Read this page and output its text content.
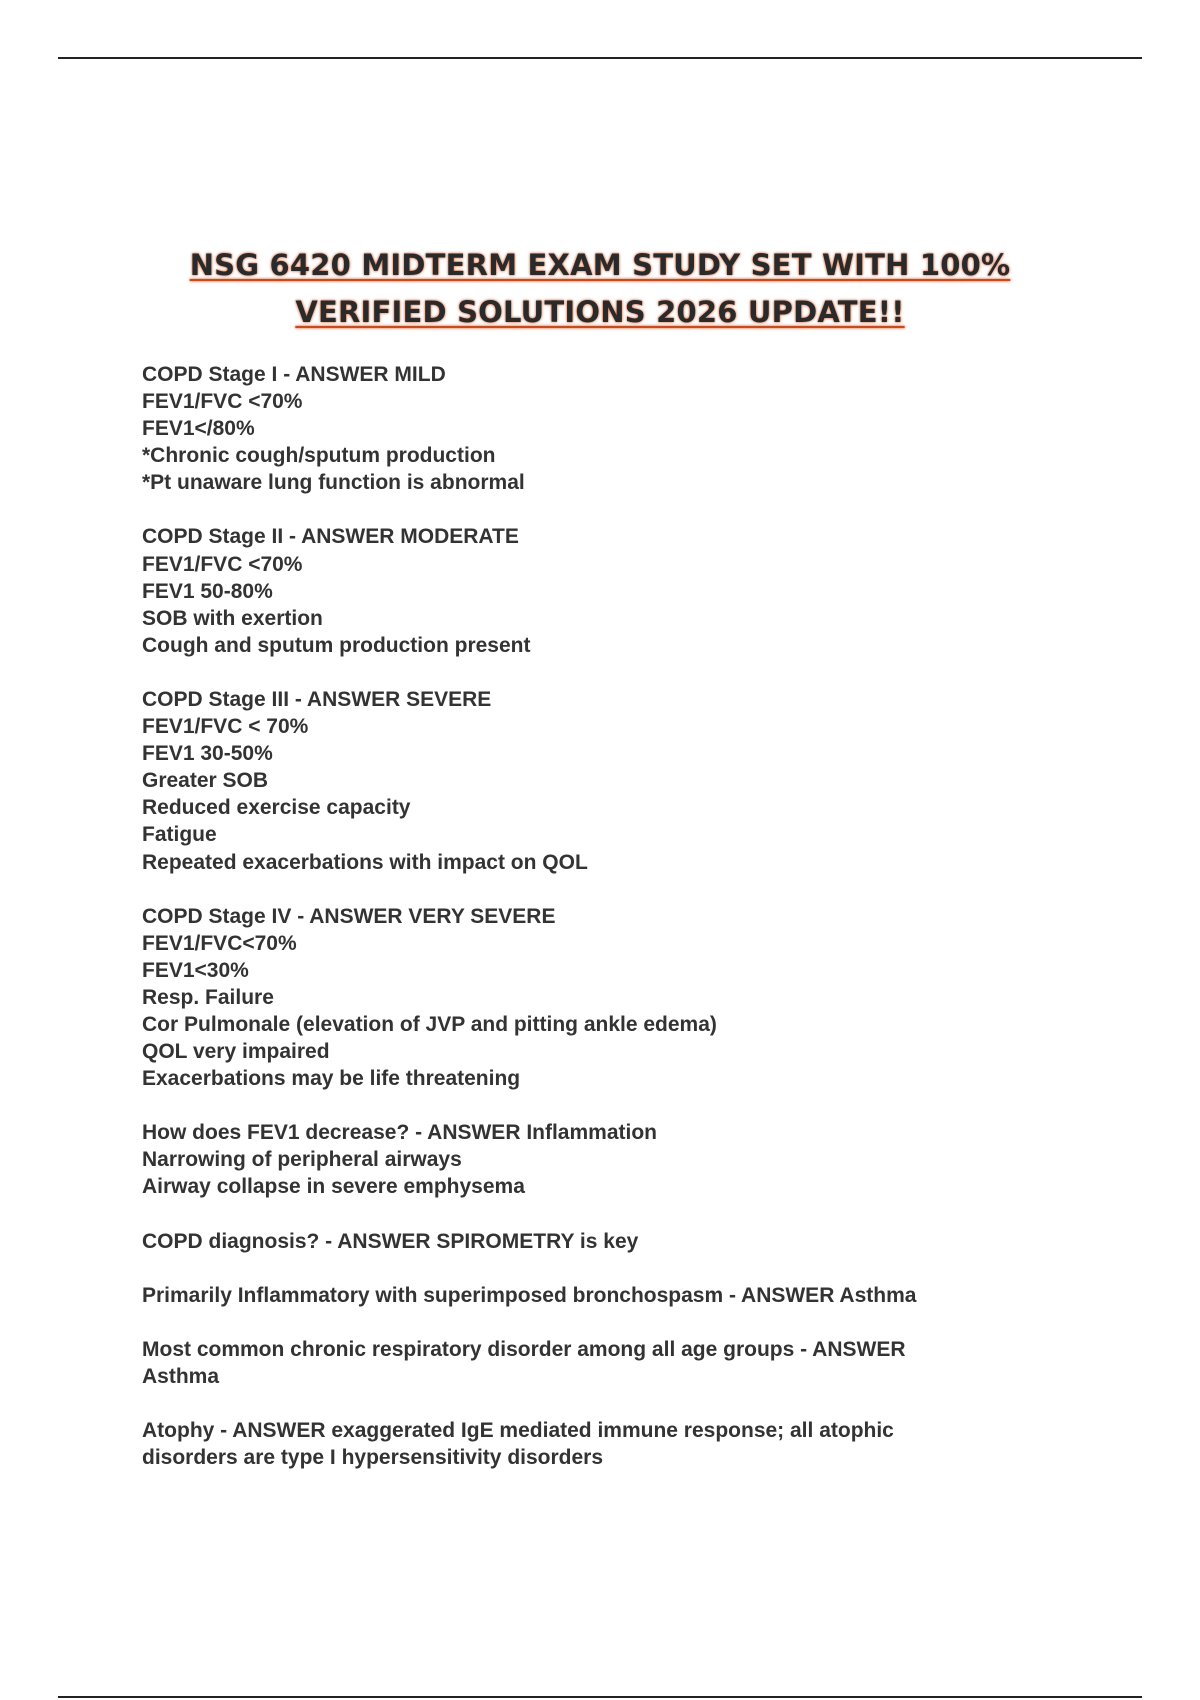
NSG 6420 MIDTERM EXAM STUDY SET WITH 100%
VERIFIED SOLUTIONS 2026 UPDATE!!
COPD Stage I - ANSWER MILD
FEV1/FVC <70%
FEV1</80%
*Chronic cough/sputum production
*Pt unaware lung function is abnormal
COPD Stage II - ANSWER MODERATE
FEV1/FVC <70%
FEV1 50-80%
SOB with exertion
Cough and sputum production present
COPD Stage III - ANSWER SEVERE
FEV1/FVC < 70%
FEV1 30-50%
Greater SOB
Reduced exercise capacity
Fatigue
Repeated exacerbations with impact on QOL
COPD Stage IV - ANSWER VERY SEVERE
FEV1/FVC<70%
FEV1<30%
Resp. Failure
Cor Pulmonale (elevation of JVP and pitting ankle edema)
QOL very impaired
Exacerbations may be life threatening
How does FEV1 decrease? - ANSWER Inflammation
Narrowing of peripheral airways
Airway collapse in severe emphysema
COPD diagnosis? - ANSWER SPIROMETRY is key
Primarily Inflammatory with superimposed bronchospasm - ANSWER Asthma
Most common chronic respiratory disorder among all age groups - ANSWER
Asthma
Atophy - ANSWER exaggerated IgE mediated immune response; all atophic
disorders are type I hypersensitivity disorders
